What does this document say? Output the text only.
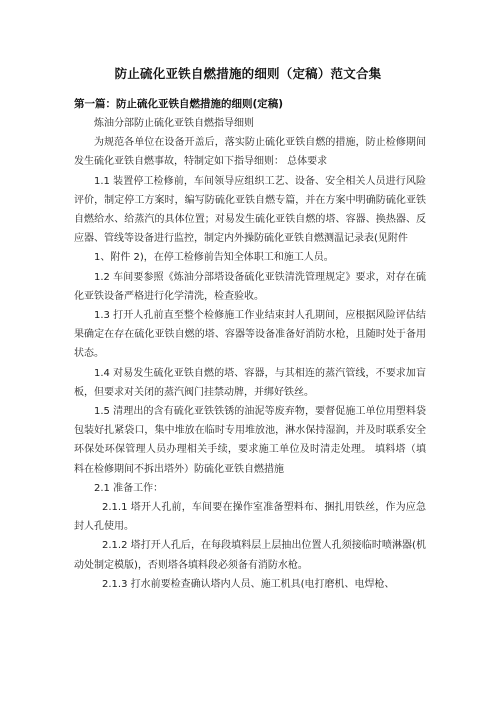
防止硫化亚铁自燃措施的细则（定稿）范文合集
第一篇：防止硫化亚铁自燃措施的细则(定稿)

炼油分部防止硫化亚铁自燃指导细则

为规范各单位在设备开盖后，落实防止硫化亚铁自燃的措施，防止检修期间发生硫化亚铁自燃事故，特制定如下指导细则： 总体要求

1.1 装置停工检修前，车间领导应组织工艺、设备、安全相关人员进行风险评价，制定停工方案时，编写防硫化亚铁自燃专篇，并在方案中明确防硫化亚铁自燃给水、给蒸汽的具体位置；对易发生硫化亚铁自燃的塔、容器、换热器、反应器、管线等设备进行监控，制定内外操防硫化亚铁自燃测温记录表(见附件

1、附件 2)，在停工检修前告知全体职工和施工人员。

1.2 车间要参照《炼油分部塔设备硫化亚铁清洗管理规定》要求，对存在硫化亚铁设备严格进行化学清洗，检查验收。

1.3 打开人孔前直至整个检修施工作业结束封人孔期间，应根据风险评估结果确定在存在硫化亚铁自燃的塔、容器等设备准备好消防水枪，且随时处于备用状态。

1.4 对易发生硫化亚铁自燃的塔、容器，与其相连的蒸汽管线，不要求加盲板，但要求对关闭的蒸汽阀门挂禁动牌，并绑好铁丝。

1.5 清理出的含有硫化亚铁铁锈的油泥等废弃物，要督促施工单位用塑料袋包装好扎紧袋口，集中堆放在临时专用堆放池，淋水保持湿润，并及时联系安全环保处环保管理人员办理相关手续，要求施工单位及时清走处理。 填料塔（填料在检修期间不拆出塔外）防硫化亚铁自燃措施

2.1 准备工作：

2.1.1 塔开人孔前，车间要在操作室准备塑料布、捆扎用铁丝，作为应急封人孔使用。

2.1.2 塔打开人孔后，在每段填料层上层抽出位置人孔须接临时喷淋器(机动处制定模版)，否则塔各填料段必须备有消防水枪。

2.1.3 打水前要检查确认塔内人员、施工机具(电打磨机、电焊枪、
